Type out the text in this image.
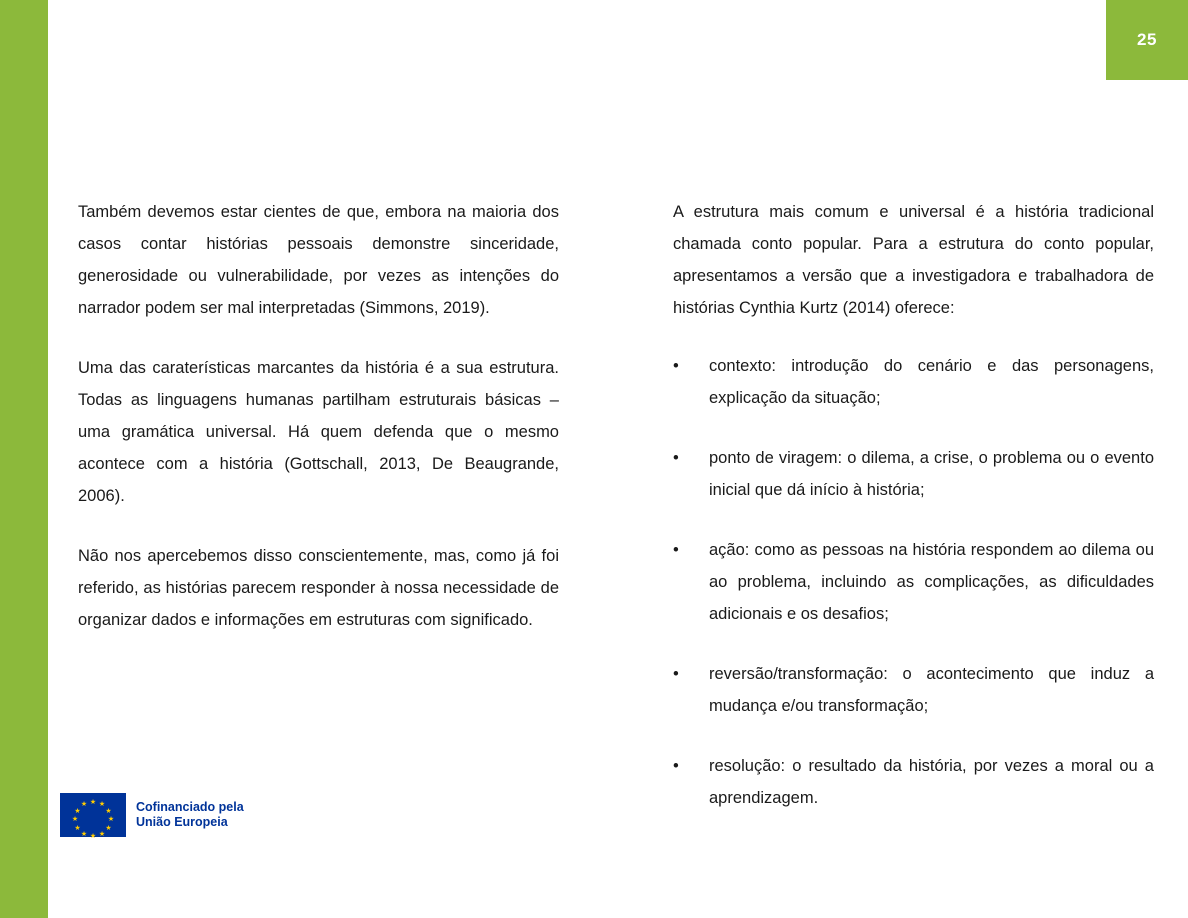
25

Também devemos estar cientes de que, embora na maioria dos casos contar histórias pessoais demonstre sinceridade, generosidade ou vulnerabilidade, por vezes as intenções do narrador podem ser mal interpretadas (Simmons, 2019).

Uma das caraterísticas marcantes da história é a sua estrutura. Todas as linguagens humanas partilham estruturais básicas – uma gramática universal. Há quem defenda que o mesmo acontece com a história (Gottschall, 2013, De Beaugrande, 2006).

Não nos apercebemos disso conscientemente, mas, como já foi referido, as histórias parecem responder à nossa necessidade de organizar dados e informações em estruturas com significado.

A estrutura mais comum e universal é a história tradicional chamada conto popular. Para a estrutura do conto popular, apresentamos a versão que a investigadora e trabalhadora de histórias Cynthia Kurtz (2014) oferece:

• contexto: introdução do cenário e das personagens, explicação da situação;
• ponto de viragem: o dilema, a crise, o problema ou o evento inicial que dá início à história;
• ação: como as pessoas na história respondem ao dilema ou ao problema, incluindo as complicações, as dificuldades adicionais e os desafios;
• reversão/transformação: o acontecimento que induz a mudança e/ou transformação;
• resolução: o resultado da história, por vezes a moral ou a aprendizagem.
★ ★
★
★
★
★
★
★
★
★
★
★	Cofinanciado pela
União Europeia
